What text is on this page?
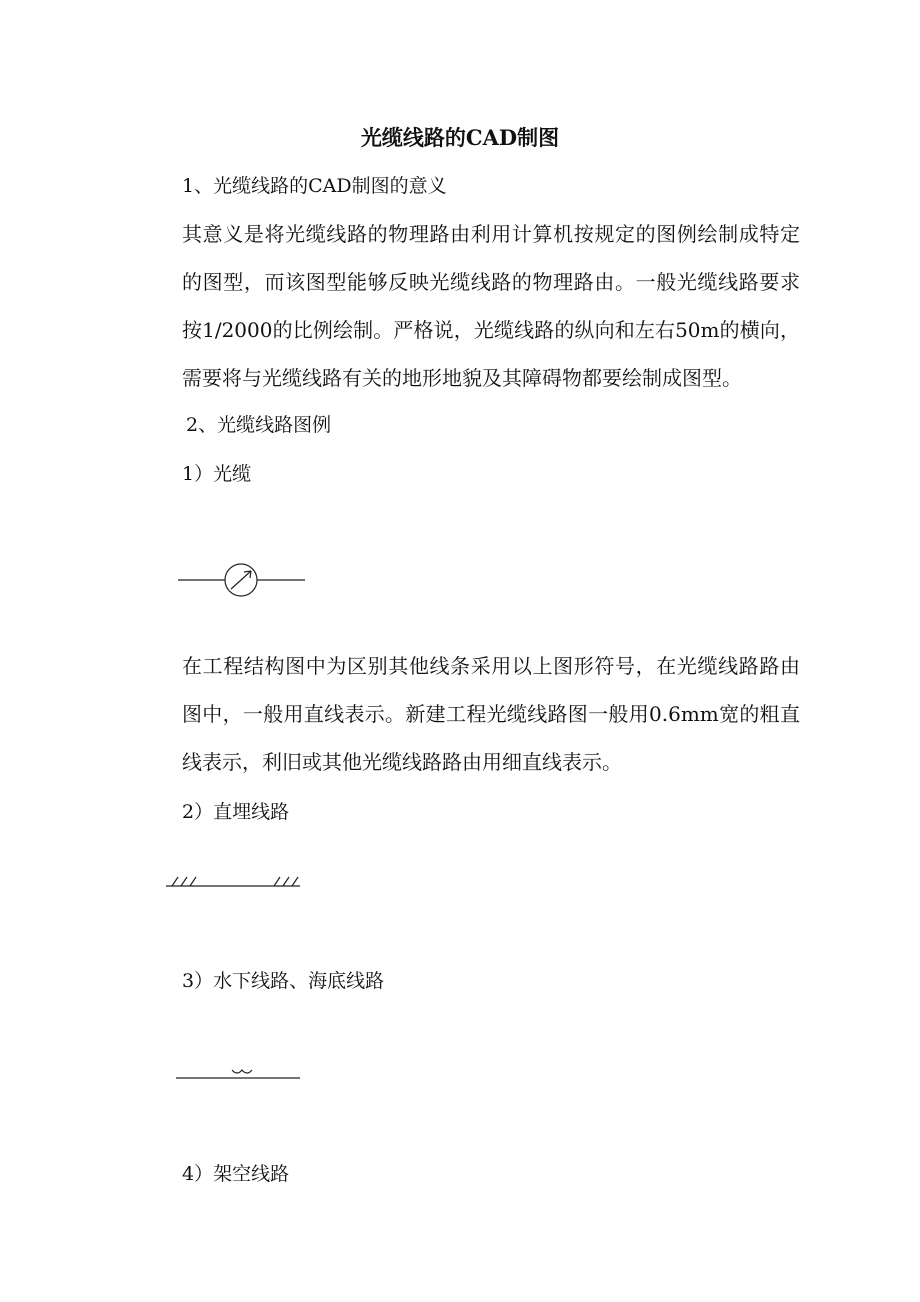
光缆线路的CAD制图
1、光缆线路的CAD制图的意义
其意义是将光缆线路的物理路由利用计算机按规定的图例绘制成特定的图型，而该图型能够反映光缆线路的物理路由。一般光缆线路要求按1/2000的比例绘制。严格说，光缆线路的纵向和左右50m的横向，需要将与光缆线路有关的地形地貌及其障碍物都要绘制成图型。
2、光缆线路图例
1）光缆
在工程结构图中为区别其他线条采用以上图形符号，在光缆线路路由图中，一般用直线表示。新建工程光缆线路图一般用0.6mm宽的粗直线表示，利旧或其他光缆线路路由用细直线表示。
2）直埋线路
3）水下线路、海底线路
4）架空线路
